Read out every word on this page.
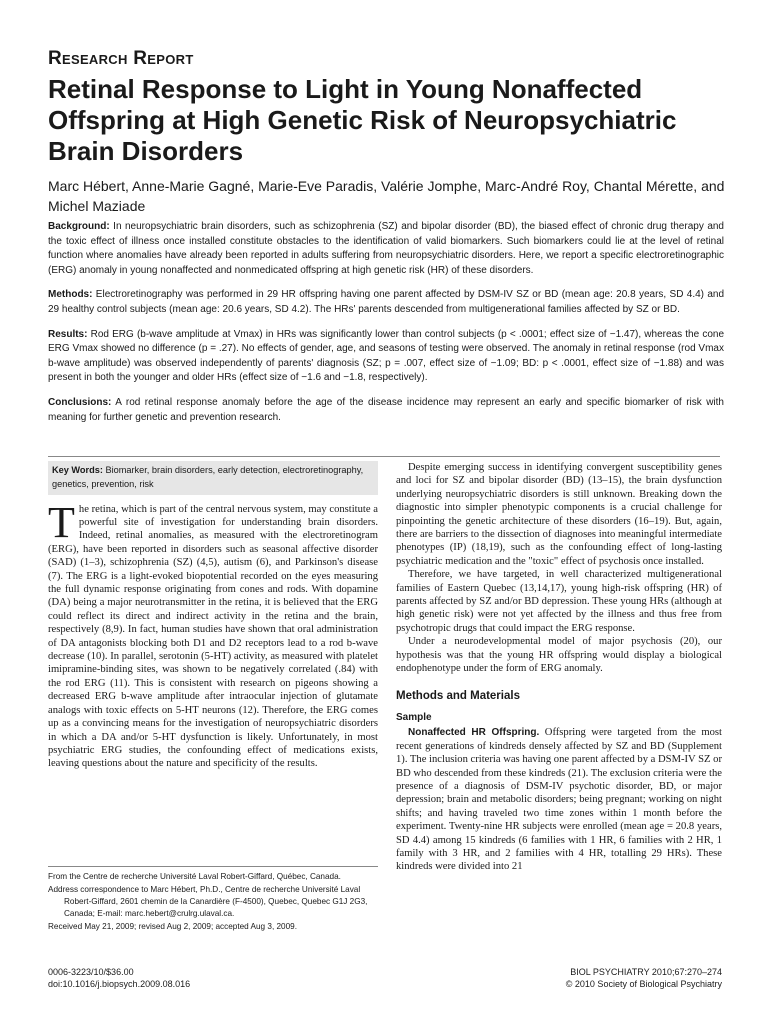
Research Report
Retinal Response to Light in Young Nonaffected Offspring at High Genetic Risk of Neuropsychiatric Brain Disorders
Marc Hébert, Anne-Marie Gagné, Marie-Eve Paradis, Valérie Jomphe, Marc-André Roy, Chantal Mérette, and Michel Maziade

Background: In neuropsychiatric brain disorders, such as schizophrenia (SZ) and bipolar disorder (BD), the biased effect of chronic drug therapy and the toxic effect of illness once installed constitute obstacles to the identification of valid biomarkers. Such biomarkers could lie at the level of retinal function where anomalies have already been reported in adults suffering from neuropsychiatric disorders. Here, we report a specific electroretinographic (ERG) anomaly in young nonaffected and nonmedicated offspring at high genetic risk (HR) of these disorders.

Methods: Electroretinography was performed in 29 HR offspring having one parent affected by DSM-IV SZ or BD (mean age: 20.8 years, SD 4.4) and 29 healthy control subjects (mean age: 20.6 years, SD 4.2). The HRs' parents descended from multigenerational families affected by SZ or BD.

Results: Rod ERG (b-wave amplitude at Vmax) in HRs was significantly lower than control subjects (p < .0001; effect size of −1.47), whereas the cone ERG Vmax showed no difference (p = .27). No effects of gender, age, and seasons of testing were observed. The anomaly in retinal response (rod Vmax b-wave amplitude) was observed independently of parents' diagnosis (SZ; p = .007, effect size of −1.09; BD: p < .0001, effect size of −1.88) and was present in both the younger and older HRs (effect size of −1.6 and −1.8, respectively).

Conclusions: A rod retinal response anomaly before the age of the disease incidence may represent an early and specific biomarker of risk with meaning for further genetic and prevention research.

Key Words: Biomarker, brain disorders, early detection, electroretinography, genetics, prevention, risk
T he retina, which is part of the central nervous system, may constitute a powerful site of investigation for understanding brain disorders. Indeed, retinal anomalies, as measured with the electroretinogram (ERG), have been reported in disorders such as seasonal affective disorder (SAD) (1–3), schizophrenia (SZ) (4,5), autism (6), and Parkinson's disease (7). The ERG is a light-evoked biopotential recorded on the eyes measuring the full dynamic response originating from cones and rods. With dopamine (DA) being a major neurotransmitter in the retina, it is believed that the ERG could reflect its direct and indirect activity in the retina and the brain, respectively (8,9). In fact, human studies have shown that oral administration of DA antagonists blocking both D1 and D2 receptors lead to a rod b-wave decrease (10). In parallel, serotonin (5-HT) activity, as measured with platelet imipramine-binding sites, was shown to be negatively correlated (.84) with the rod ERG (11). This is consistent with research on pigeons showing a decreased ERG b-wave amplitude after intraocular injection of glutamate analogs with toxic effects on 5-HT neurons (12). Therefore, the ERG comes up as a convincing means for the investigation of neuropsychiatric disorders in which a DA and/or 5-HT dysfunction is likely. Unfortunately, in most psychiatric ERG studies, the confounding effect of medications exists, leaving questions about the nature and specificity of the results.

From the Centre de recherche Université Laval Robert-Giffard, Québec, Canada.

Address correspondence to Marc Hébert, Ph.D., Centre de recherche Université Laval Robert-Giffard, 2601 chemin de la Canardière (F-4500), Quebec, Quebec G1J 2G3, Canada; E-mail: marc.hebert@crulrg.ulaval.ca.

Received May 21, 2009; revised Aug 2, 2009; accepted Aug 3, 2009.

Despite emerging success in identifying convergent susceptibility genes and loci for SZ and bipolar disorder (BD) (13–15), the brain dysfunction underlying neuropsychiatric disorders is still unknown. Breaking down the diagnostic into simpler phenotypic components is a crucial challenge for pinpointing the genetic architecture of these disorders (16–19). But, again, there are barriers to the dissection of diagnoses into meaningful intermediate phenotypes (IP) (18,19), such as the confounding effect of long-lasting psychiatric medication and the "toxic" effect of psychosis once installed.

Therefore, we have targeted, in well characterized multigenerational families of Eastern Quebec (13,14,17), young high-risk offspring (HR) of parents affected by SZ and/or BD depression. These young HRs (although at high genetic risk) were not yet affected by the illness and thus free from psychotropic drugs that could impact the ERG response.

Under a neurodevelopmental model of major psychosis (20), our hypothesis was that the young HR offspring would display a biological endophenotype under the form of ERG anomaly.

Methods and Materials
Sample

Nonaffected HR Offspring. Offspring were targeted from the most recent generations of kindreds densely affected by SZ and BD (Supplement 1). The inclusion criteria was having one parent affected by a DSM-IV SZ or BD who descended from these kindreds (21). The exclusion criteria were the presence of a diagnosis of DSM-IV psychotic disorder, BD, or major depression; brain and metabolic disorders; being pregnant; working on night shifts; and having traveled two time zones within 1 month before the experiment. Twenty-nine HR subjects were enrolled (mean age = 20.8 years, SD 4.4) among 15 kindreds (6 families with 1 HR, 6 families with 2 HR, 1 family with 3 HR, and 2 families with 4 HR, totalling 29 HRs). These kindreds were divided into 21

0006-3223/10/$36.00
doi:10.1016/j.biopsych.2009.08.016
BIOL PSYCHIATRY 2010;67:270–274
© 2010 Society of Biological Psychiatry
